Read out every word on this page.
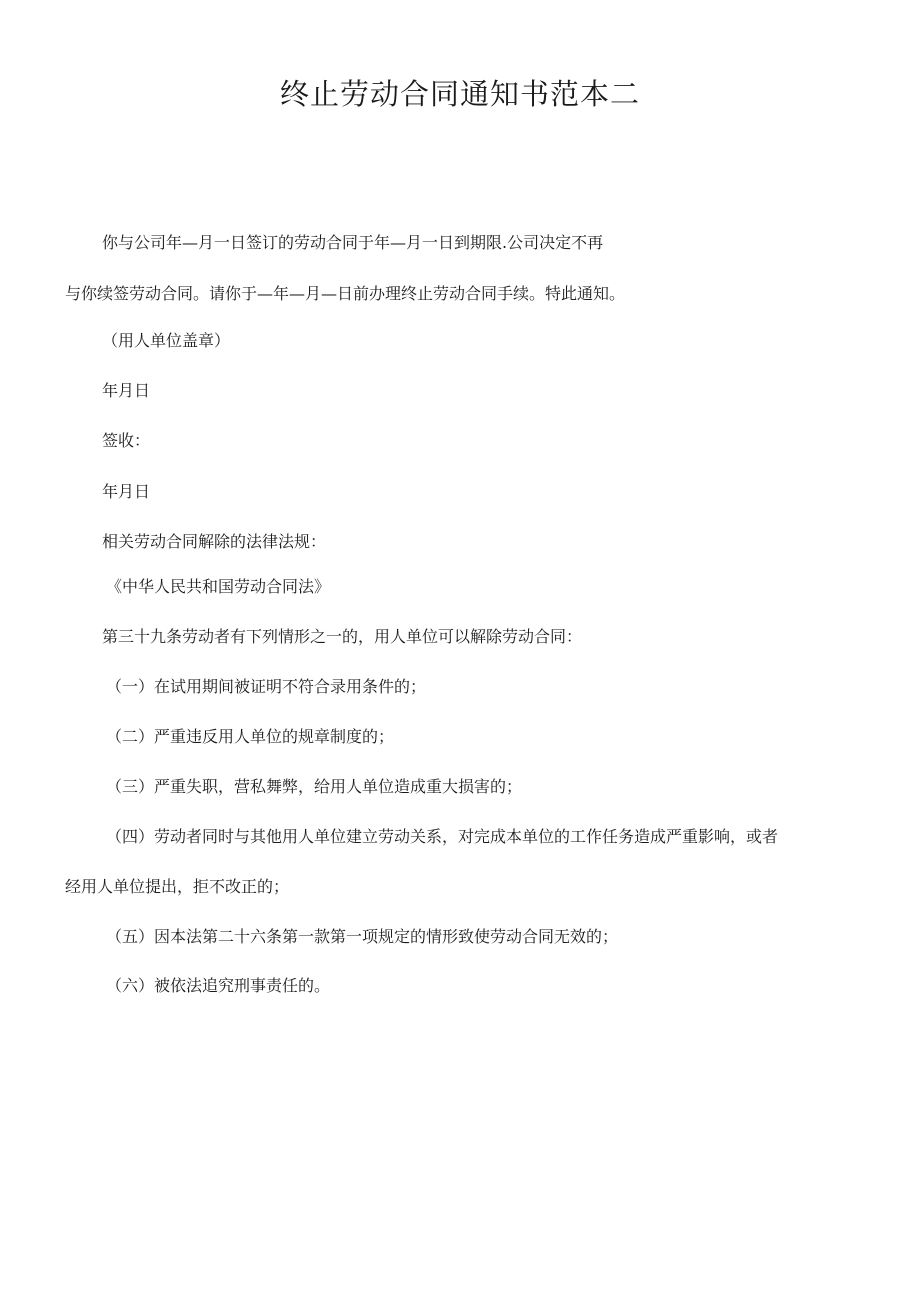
终止劳动合同通知书范本二
你与公司年—月一日签订的劳动合同于年—月一日到期限.公司决定不再
与你续签劳动合同。请你于—年—月—日前办理终止劳动合同手续。特此通知。
（用人单位盖章）
年月日
签收：
年月日
相关劳动合同解除的法律法规：
《中华人民共和国劳动合同法》
第三十九条劳动者有下列情形之一的，用人单位可以解除劳动合同：
（一）在试用期间被证明不符合录用条件的；
（二）严重违反用人单位的规章制度的；
（三）严重失职，营私舞弊，给用人单位造成重大损害的；
（四）劳动者同时与其他用人单位建立劳动关系，对完成本单位的工作任务造成严重影响，或者
经用人单位提出，拒不改正的；
（五）因本法第二十六条第一款第一项规定的情形致使劳动合同无效的；
（六）被依法追究刑事责任的。
